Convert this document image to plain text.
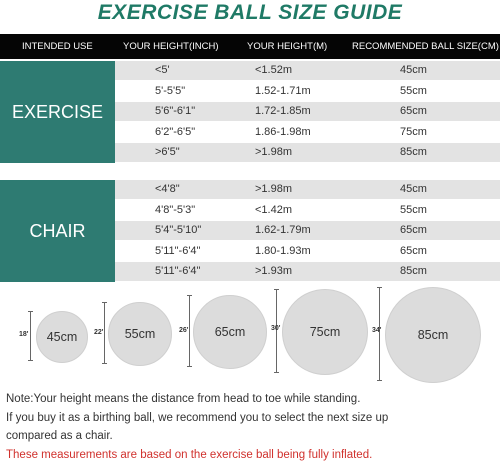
EXERCISE BALL SIZE GUIDE
INTENDED USE	YOUR HEIGHT(INCH)	YOUR HEIGHT(M)	RECOMMENDED BALL SIZE(CM)
EXERCISE
<5'	<1.52m	45cm
5'-5'5"	1.52-1.71m	55cm
5'6"-6'1"	1.72-1.85m	65cm
6'2"-6'5"	1.86-1.98m	75cm
>6'5"	>1.98m	85cm
CHAIR
<4'8"	>1.98m	45cm
4'8"-5'3"	<1.42m	55cm
5'4"-5'10"	1.62-1.79m	65cm
5'11"-6'4"	1.80-1.93m	65cm
5'11"-6'4"	>1.93m	85cm
18' 45cm 22' 55cm	26' 65cm	30' 75cm	34'	85cm
Note:Your height means the distance from head to toe while standing.
If you buy it as a birthing ball, we recommend you to select the next size up
compared as a chair.
These measurements are based on the exercise ball being fully inflated.
